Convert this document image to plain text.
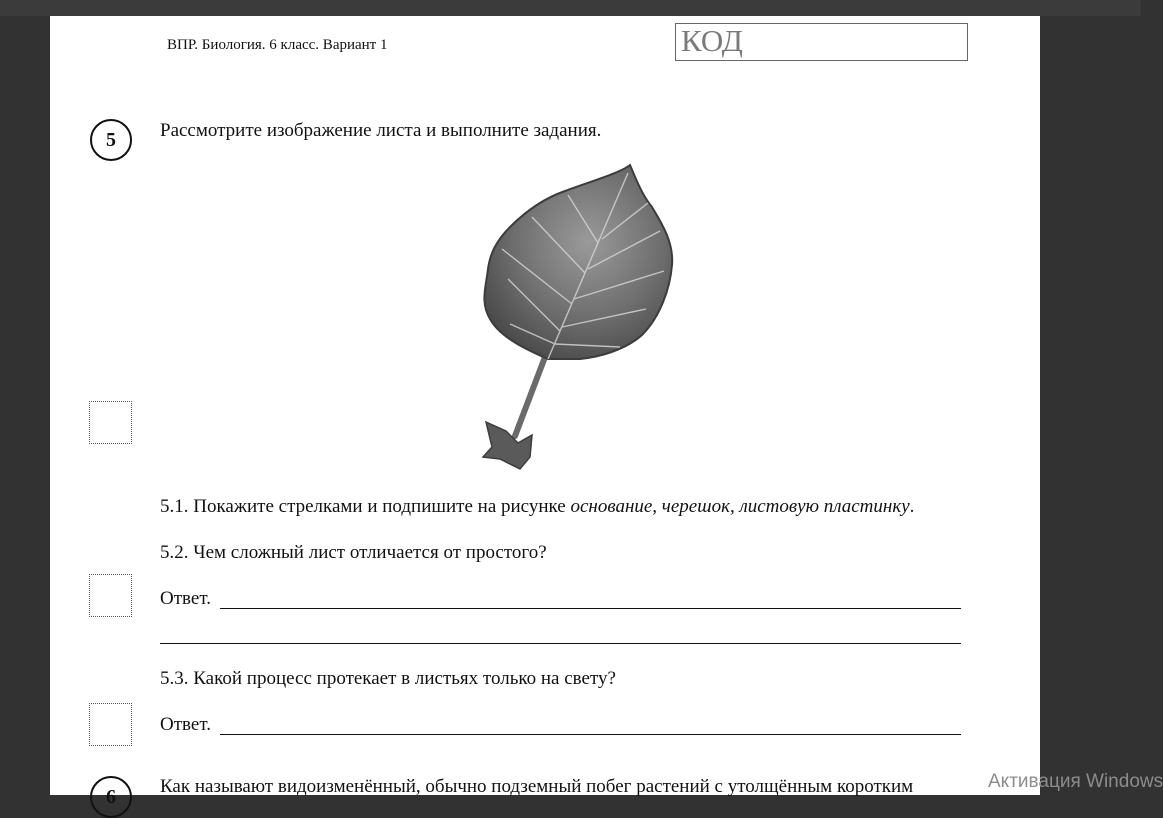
ВПР. Биология. 6 класс. Вариант 1	КОД
5	Рассмотрите изображение листа и выполните задания.
5.1. Покажите стрелками и подпишите на рисунке основание, черешок, листовую пластинку.
5.2. Чем сложный лист отличается от простого?
Ответ.
5.3. Какой процесс протекает в листьях только на свету?
Ответ.
6	Как называют видоизменённый, обычно подземный побег растений с утолщённым коротким	Активация Windows
